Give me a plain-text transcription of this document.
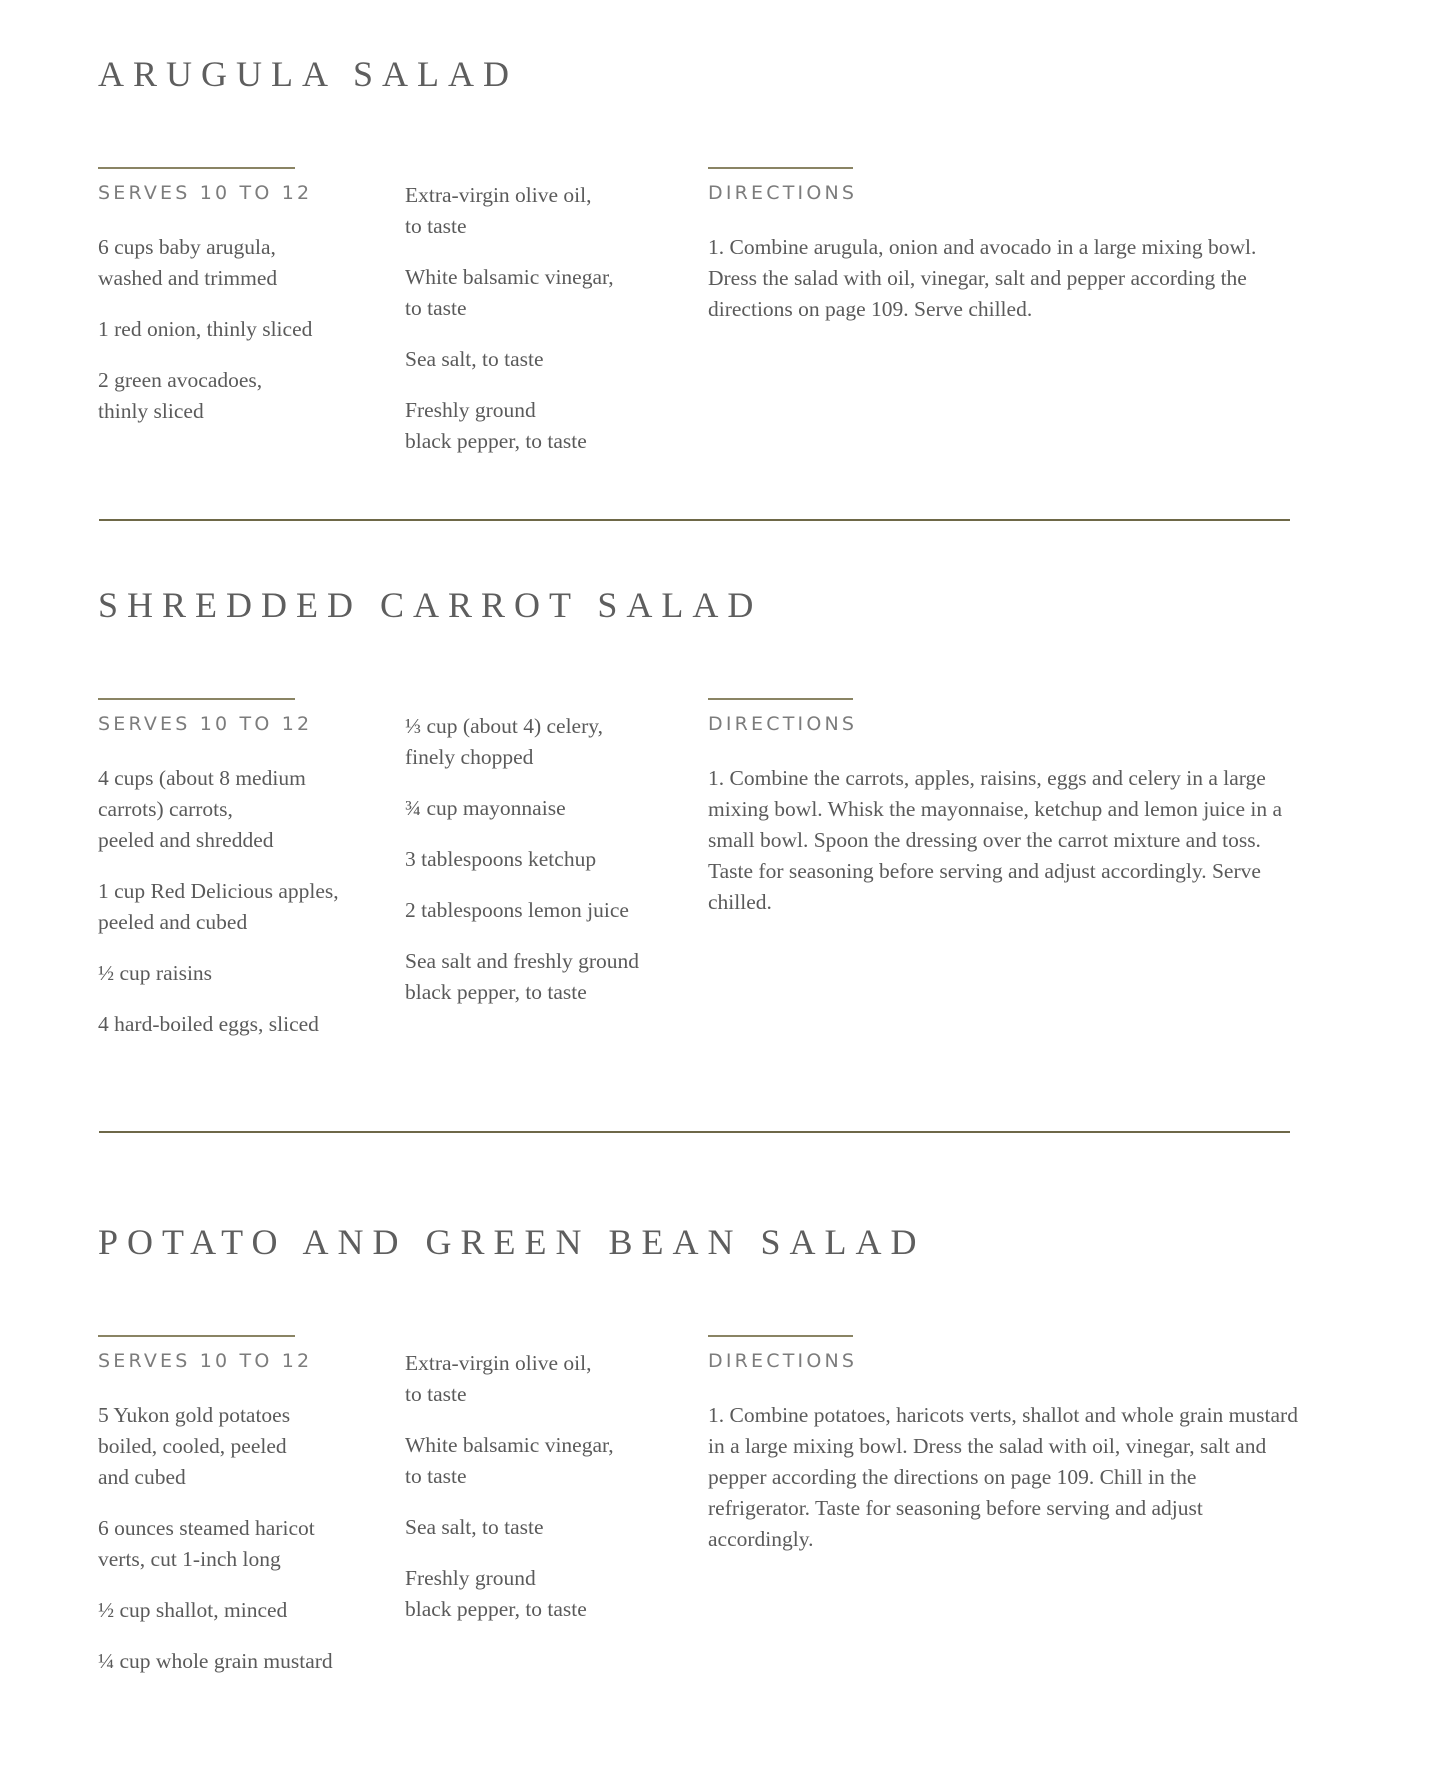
ARUGULA SALAD
SERVES 10 TO 12
6 cups baby arugula,
washed and trimmed
1 red onion, thinly sliced
2 green avocadoes,
thinly sliced
Extra-virgin olive oil,
to taste
White balsamic vinegar,
to taste
Sea salt, to taste
Freshly ground
black pepper, to taste
DIRECTIONS

1. Combine arugula, onion and avocado in a large mixing bowl. Dress the salad with oil, vinegar, salt and pepper according the directions on page 109. Serve chilled.

SHREDDED CARROT SALAD
SERVES 10 TO 12
4 cups (about 8 medium
carrots) carrots,
peeled and shredded
1 cup Red Delicious apples,
peeled and cubed
½ cup raisins
4 hard-boiled eggs, sliced
⅓ cup (about 4) celery,
finely chopped
¾ cup mayonnaise
3 tablespoons ketchup
2 tablespoons lemon juice
Sea salt and freshly ground
black pepper, to taste
DIRECTIONS

1. Combine the carrots, apples, raisins, eggs and celery in a large mixing bowl. Whisk the mayonnaise, ketchup and lemon juice in a small bowl. Spoon the dressing over the carrot mixture and toss. Taste for seasoning before serving and adjust accordingly. Serve chilled.

POTATO AND GREEN BEAN SALAD
SERVES 10 TO 12
5 Yukon gold potatoes
boiled, cooled, peeled
and cubed
6 ounces steamed haricot
verts, cut 1-inch long
½ cup shallot, minced
¼ cup whole grain mustard
Extra-virgin olive oil,
to taste
White balsamic vinegar,
to taste
Sea salt, to taste
Freshly ground
black pepper, to taste
DIRECTIONS

1. Combine potatoes, haricots verts, shallot and whole grain mustard in a large mixing bowl. Dress the salad with oil, vinegar, salt and pepper according the directions on page 109. Chill in the refrigerator. Taste for seasoning before serving and adjust accordingly.
